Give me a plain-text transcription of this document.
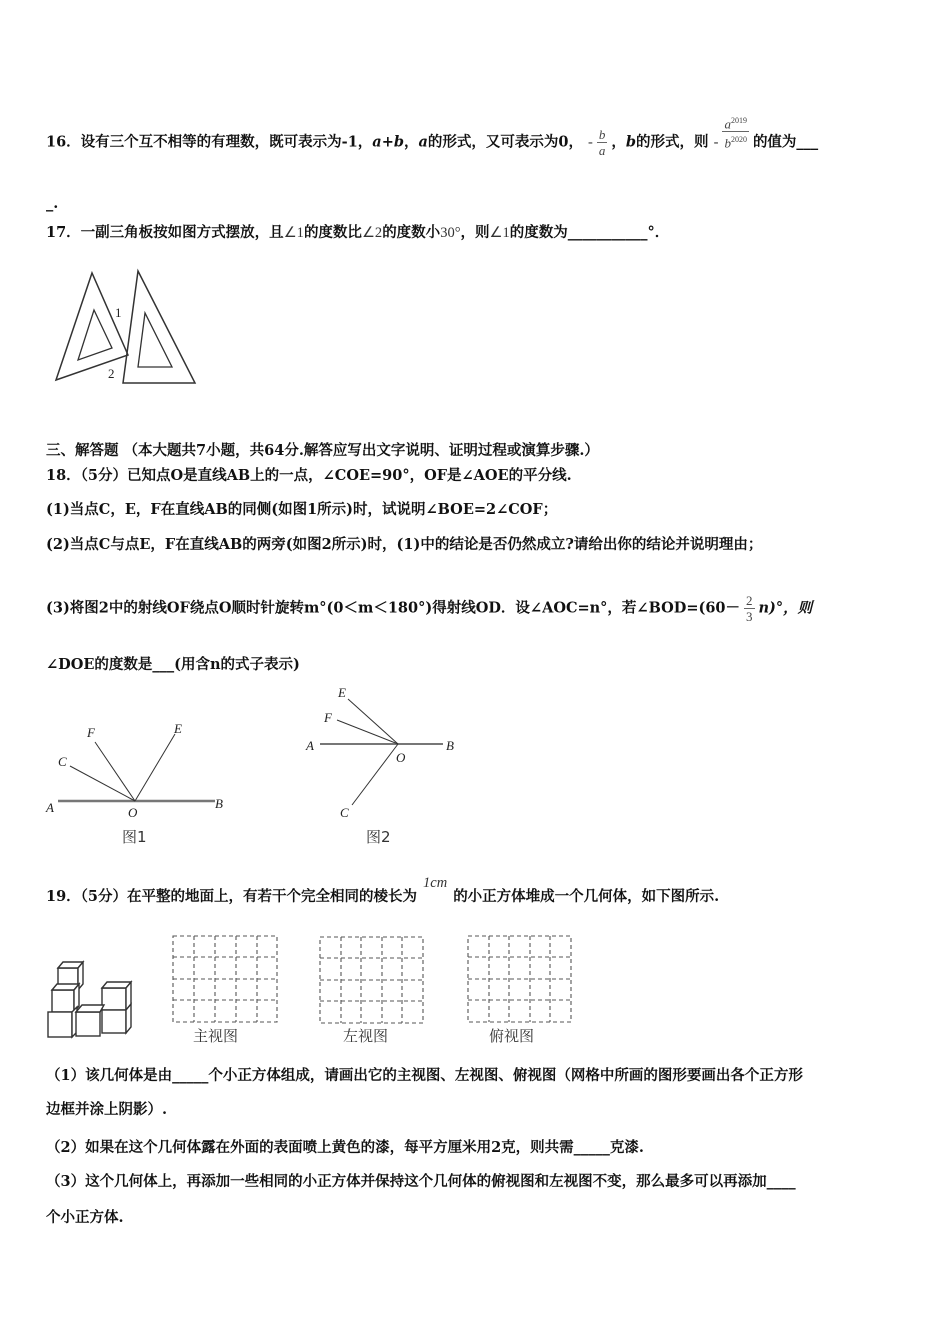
16．设有三个互不相等的有理数，既可表示为-1，a+b，a的形式，又可表示为0， - $\frac{b}{a}$ ，b的形式，则 - $\frac{a^{2019}}{b^{2020}}$ 的值为___
_.
17．一副三角板按如图方式摆放，且∠1的度数比∠2的度数小30°，则∠1的度数为___________°．
1
2
三、解答题 （本大题共7小题，共64分.解答应写出文字说明、证明过程或演算步骤.）
18．（5分）已知点O是直线AB上的一点，∠COE=90°，OF是∠AOE的平分线.
(1)当点C，E，F在直线AB的同侧(如图1所示)时，试说明∠BOE=2∠COF；
(2)当点C与点E，F在直线AB的两旁(如图2所示)时，(1)中的结论是否仍然成立?请给出你的结论并说明理由；
(3)将图2中的射线OF绕点O顺时针旋转m°(0＜m＜180°)得射线OD．设∠AOC=n°，若∠BOD=(60－ $\frac{2}{3} n)^\circ$，则
∠DOE的度数是___(用含n的式子表示)
A	B
O
C
F	E
图1
A	B
O
C
F
E
图2
19．（5分）在平整的地面上，有若干个完全相同的棱长为1cm的小正方体堆成一个几何体，如下图所示.
主视图	左视图	俯视图
（1）该几何体是由_____个小正方体组成，请画出它的主视图、左视图、俯视图（网格中所画的图形要画出各个正方形
边框并涂上阴影）.
（2）如果在这个几何体露在外面的表面喷上黄色的漆，每平方厘米用2克，则共需_____克漆.
（3）这个几何体上，再添加一些相同的小正方体并保持这个几何体的俯视图和左视图不变，那么最多可以再添加____
个小正方体.
